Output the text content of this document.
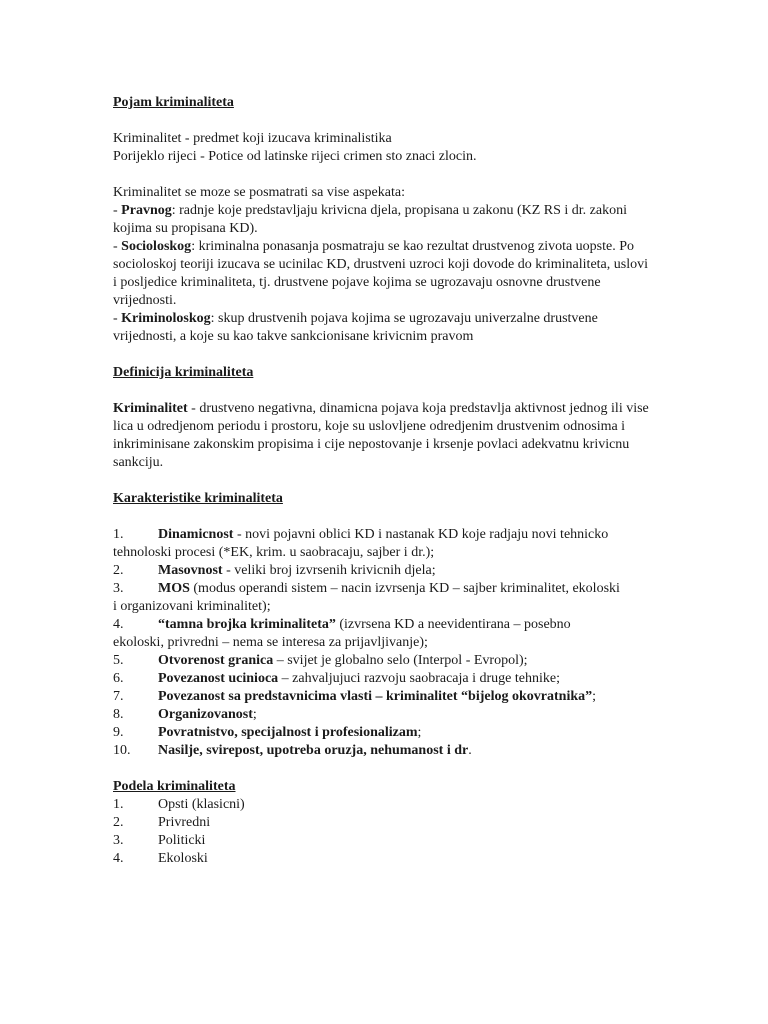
Pojam kriminaliteta

Kriminalitet - predmet koji izucava kriminalistika

Porijeklo rijeci - Potice od latinske rijeci crimen sto znaci zlocin.

Kriminalitet se moze se posmatrati sa vise aspekata:

- Pravnog: radnje koje predstavljaju krivicna djela, propisana u zakonu (KZ RS i dr. zakoni kojima su propisana KD).

- Socioloskog: kriminalna ponasanja posmatraju se kao rezultat drustvenog zivota uopste. Po socioloskoj teoriji izucava se ucinilac KD, drustveni uzroci koji dovode do kriminaliteta, uslovi i posljedice kriminaliteta, tj. drustvene pojave kojima se ugrozavaju osnovne drustvene vrijednosti.

- Kriminoloskog: skup drustvenih pojava kojima se ugrozavaju univerzalne drustvene vrijednosti, a koje su kao takve sankcionisane krivicnim pravom

Definicija kriminaliteta

Kriminalitet - drustveno negativna, dinamicna pojava koja predstavlja aktivnost jednog ili vise lica u odredjenom periodu i prostoru, koje su uslovljene odredjenim drustvenim odnosima i inkriminisane zakonskim propisima i cije nepostovanje i krsenje povlaci adekvatnu krivicnu sankciju.

Karakteristike kriminaliteta
1.	Dinamicnost - novi pojavni oblici KD i nastanak KD koje radjaju novi tehnicko
tehnoloski procesi (*EK, krim. u saobracaju, sajber i dr.);
2.	Masovnost - veliki broj izvrsenih krivicnih djela;
3.	MOS (modus operandi sistem – nacin izvrsenja KD – sajber kriminalitet, ekoloski
i organizovani kriminalitet);
4.	“tamna brojka kriminaliteta” (izvrsena KD a neevidentirana – posebno
ekoloski, privredni – nema se interesa za prijavljivanje);
5.	Otvorenost granica – svijet je globalno selo (Interpol - Evropol);
6.	Povezanost ucinioca – zahvaljujuci razvoju saobracaja i druge tehnike;
7.	Povezanost sa predstavnicima vlasti – kriminalitet “bijelog okovratnika”;
8.	Organizovanost;
9.	Povratnistvo, specijalnost i profesionalizam;
10.	Nasilje, svirepost, upotreba oruzja, nehumanost i dr.
Podela kriminaliteta
1.	Opsti (klasicni)
2.	Privredni
3.	Politicki
4.	Ekoloski
